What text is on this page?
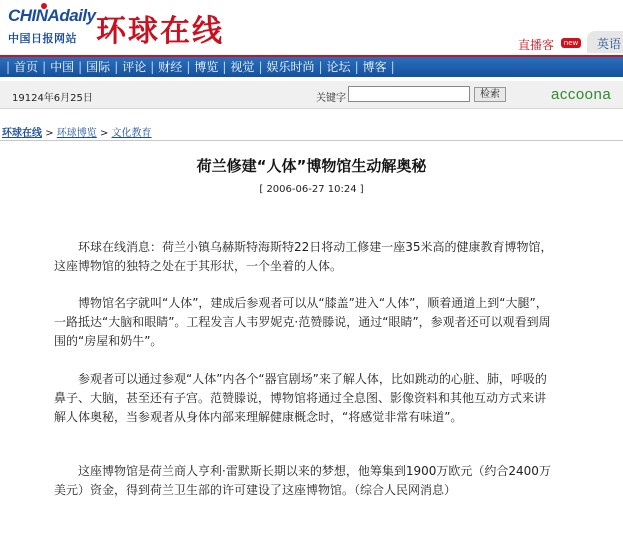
CHINAdaily
中国日报网站 环球在线	直播客	new	英语
| 首页 | 中国 | 国际 | 评论 | 财经 | 博览 | 视觉 | 娱乐时尚 | 论坛 | 博客 |
19124年6月25日	关键字	检索	accoona
环球在线 > 环球博览 > 文化教育
荷兰修建“人体”博物馆生动解奥秘
[ 2006-06-27 10:24 ]

环球在线消息：荷兰小镇乌赫斯特海斯特22日将动工修建一座35米高的健康教育博物馆，这座博物馆的独特之处在于其形状，一个坐着的人体。

博物馆名字就叫“人体”，建成后参观者可以从“膝盖”进入“人体”，顺着通道上到“大腿”，一路抵达“大脑和眼睛”。工程发言人韦罗妮克·范赞滕说，通过“眼睛”，参观者还可以观看到周围的“房屋和奶牛”。

参观者可以通过参观“人体”内各个“器官剧场”来了解人体，比如跳动的心脏、肺，呼吸的鼻子、大脑，甚至还有子宫。范赞滕说，博物馆将通过全息图、影像资料和其他互动方式来讲解人体奥秘，当参观者从身体内部来理解健康概念时，“将感觉非常有味道”。

这座博物馆是荷兰商人亨利·雷默斯长期以来的梦想，他筹集到1900万欧元（约合2400万美元）资金，得到荷兰卫生部的许可建设了这座博物馆。（综合人民网消息）
